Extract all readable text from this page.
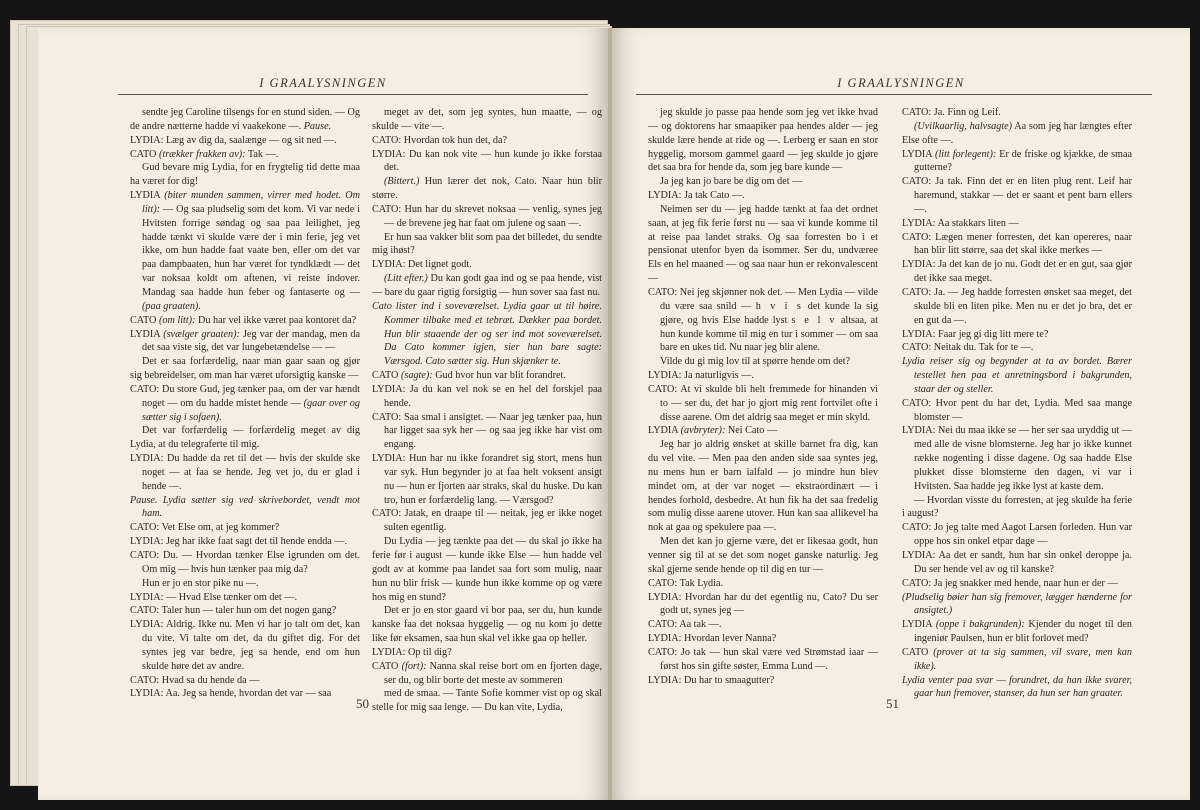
I GRAALYSNINGEN

sendte jeg Caroline tilsengs for en stund siden. — Og de andre nætterne hadde vi vaakekone —. Pause.

LYDIA: Læg av dig da, saalænge — og sit ned —.

CATO (trækker frakken av): Tak —.

Gud bevare mig Lydia, for en frygtelig tid dette maa ha været for dig!

LYDIA (biter munden sammen, virrer med hodet. Om litt): — Og saa pludselig som det kom. Vi var nede i Hvitsten forrige søndag og saa paa leilighet, jeg hadde tænkt vi skulde være der i min ferie, jeg vet ikke, om hun hadde faat vaate ben, eller om det var paa dampbaaten, hun har været for tyndklædt — det var noksaa koldt om aftenen, vi reiste indover. Mandag saa hadde hun feber og fantaserte og — (paa graaten).

CATO (om litt): Du har vel ikke været paa kontoret da?

LYDIA (svælger graaten): Jeg var der mandag, men da det saa viste sig, det var lungebetændelse — —

Det er saa forfærdelig, naar man gaar saan og gjør sig bebreidelser, om man har været uforsigtig kanske —

CATO: Du store Gud, jeg tænker paa, om der var hændt noget — om du hadde mistet hende — (gaar over og sætter sig i sofaen).

Det var forfærdelig — forfærdelig meget av dig Lydia, at du telegraferte til mig.

LYDIA: Du hadde da ret til det — hvis der skulde ske noget — at faa se hende. Jeg vet jo, du er glad i hende —.

Pause. Lydia sætter sig ved skrivebordet, vendt mot ham.

CATO: Vet Else om, at jeg kommer?

LYDIA: Jeg har ikke faat sagt det til hende endda —.

CATO: Du. — Hvordan tænker Else igrunden om det. Om mig — hvis hun tænker paa mig da?

Hun er jo en stor pike nu —.

LYDIA: — Hvad Else tænker om det —.

CATO: Taler hun — taler hun om det nogen gang?

LYDIA: Aldrig. Ikke nu. Men vi har jo talt om det, kan du vite. Vi talte om det, da du giftet dig. For det syntes jeg var bedre, jeg sa hende, end om hun skulde høre det av andre.

CATO: Hvad sa du hende da —

LYDIA: Aa. Jeg sa hende, hvordan det var — saa

meget av det, som jeg syntes, hun maatte, — og skulde — vite —.

CATO: Hvordan tok hun det, da?

LYDIA: Du kan nok vite — hun kunde jo ikke forstaa det.

(Bittert.) Hun lærer det nok, Cato. Naar hun blir større.

CATO: Hun har du skrevet noksaa — venlig, synes jeg — de brevene jeg har faat om julene og saan —.

Er hun saa vakker blit som paa det billedet, du sendte mig ihøst?

LYDIA: Det lignet godt.

(Litt efter.) Du kan godt gaa ind og se paa hende, vist — bare du gaar rigtig forsigtig — hun sover saa fast nu.

Cato lister ind i soveværelset. Lydia gaar ut til høire. Kommer tilbake med et tebræt. Dækker paa bordet. Hun blir staaende der og ser ind mot soveværelset. Da Cato kommer igjen, sier hun bare sagte: Værsgod. Cato sætter sig. Hun skjænker te.

CATO (sagte): Gud hvor hun var blit forandret.

LYDIA: Ja du kan vel nok se en hel del forskjel paa hende.

CATO: Saa smal i ansigtet. — Naar jeg tænker paa, hun har ligget saa syk her — og saa jeg ikke har vist om engang.

LYDIA: Hun har nu ikke forandret sig stort, mens hun var syk. Hun begynder jo at faa helt voksent ansigt nu — hun er fjorten aar straks, skal du huske. Du kan tro, hun er forfærdelig lang. — Værsgod?

CATO: Jatak, en draape til — neitak, jeg er ikke noget sulten egentlig.

Du Lydia — jeg tænkte paa det — du skal jo ikke ha ferie før i august — kunde ikke Else — hun hadde vel godt av at komme paa landet saa fort som mulig, naar hun nu blir frisk — kunde hun ikke komme op og være hos mig en stund?

Det er jo en stor gaard vi bor paa, ser du, hun kunde kanske faa det noksaa hyggelig — og nu kom jo dette like før eksamen, saa hun skal vel ikke gaa op heller.

LYDIA: Op til dig?

CATO (fort): Nanna skal reise bort om en fjorten dage, ser du, og blir borte det meste av sommeren

med de smaa. — Tante Sofie kommer vist op og skal stelle for mig saa lenge. — Du kan vite, Lydia,

50
I GRAALYSNINGEN

jeg skulde jo passe paa hende som jeg vet ikke hvad — og doktorens har smaapiker paa hendes alder — jeg skulde lære hende at ride og —. Lerberg er saan en stor hyggelig, morsom gammel gaard — jeg skulde jo gjøre det saa bra for hende da, som jeg bare kunde —

Ja jeg kan jo bare be dig om det —

LYDIA: Ja tak Cato —.

Neimen ser du — jeg hadde tænkt at faa det ordnet saan, at jeg fik ferie først nu — saa vi kunde komme til at reise paa landet straks. Og saa forresten bo i et pensionat utenfor byen da isommer. Ser du, undværee Els en hel maaned — og saa naar hun er rekonvalescent —

CATO: Nei jeg skjønner nok det. — Men Lydia — vilde du være saa snild — h v i s det kunde la sig gjøre, og hvis Else hadde lyst s e l v altsaa, at hun kunde komme til mig en tur i sommer — om saa bare en ukes tid. Nu naar jeg blir alene.

Vilde du gi mig lov til at spørre hende om det?

LYDIA: Ja naturligvis —.

CATO: At vi skulde bli helt fremmede for hinanden vi to — ser du, det har jo gjort mig rent fortvilet ofte i disse aarene. Om det aldrig saa meget er min skyld.

LYDIA (avbryter): Nei Cato —

Jeg har jo aldrig ønsket at skille barnet fra dig, kan du vel vite. — Men paa den anden side saa syntes jeg, nu mens hun er barn ialfald — jo mindre hun blev mindet om, at der var noget — ekstraordinært — i hendes forhold, desbedre. At hun fik ha det saa fredelig som mulig disse aarene utover. Hun kan saa allikevel ha nok at gaa og spekulere paa —.

Men det kan jo gjerne være, det er likesaa godt, hun venner sig til at se det som noget ganske naturlig. Jeg skal gjerne sende hende op til dig en tur —

CATO: Tak Lydia.

LYDIA: Hvordan har du det egentlig nu, Cato? Du ser godt ut, synes jeg —

CATO: Aa tak —.

LYDIA: Hvordan lever Nanna?

CATO: Jo tak — hun skal være ved Strømstad iaar — først hos sin gifte søster, Emma Lund —.

LYDIA: Du har to smaagutter?

CATO: Ja. Finn og Leif.

(Uvilkaarlig, halvsagte) Aa som jeg har længtes efter Else ofte —.

LYDIA (litt forlegent): Er de friske og kjække, de smaa gutterne?

CATO: Ja tak. Finn det er en liten plug rent. Leif har haremund, stakkar — det er saant et pent barn ellers —.

LYDIA: Aa stakkars liten —

CATO: Lægen mener forresten, det kan opereres, naar han blir litt større, saa det skal ikke merkes —

LYDIA: Ja det kan de jo nu. Godt det er en gut, saa gjør det ikke saa meget.

CATO: Ja. — Jeg hadde forresten ønsket saa meget, det skulde bli en liten pike. Men nu er det jo bra, det er en gut da —.

LYDIA: Faar jeg gi dig litt mere te?

CATO: Neitak du. Tak for te —.

Lydia reiser sig og begynder at ta av bordet. Bærer testellet hen paa et anretningsbord i bakgrunden, staar der og steller.

CATO: Hvor pent du har det, Lydia. Med saa mange blomster —

LYDIA: Nei du maa ikke se — her ser saa uryddig ut — med alle de visne blomsterne. Jeg har jo ikke kunnet række nogenting i disse dagene. Og saa hadde Else plukket disse blomsterne den dagen, vi var i Hvitsten. Saa hadde jeg ikke lyst at kaste dem.

— Hvordan visste du forresten, at jeg skulde ha ferie i august?

CATO: Jo jeg talte med Aagot Larsen forleden. Hun var oppe hos sin onkel etpar dage —

LYDIA: Aa det er sandt, hun har sin onkel deroppe ja. Du ser hende vel av og til kanske?

CATO: Ja jeg snakker med hende, naar hun er der —

(Pludselig bøier han sig fremover, lægger hænderne for ansigtet.)

LYDIA (oppe i bakgrunden): Kjender du noget til den ingeniør Paulsen, hun er blit forlovet med?

CATO (prover at ta sig sammen, vil svare, men kan ikke).

Lydia venter paa svar — forundret, da han ikke svarer, gaar hun fremover, stanser, da hun ser han graater.

51
